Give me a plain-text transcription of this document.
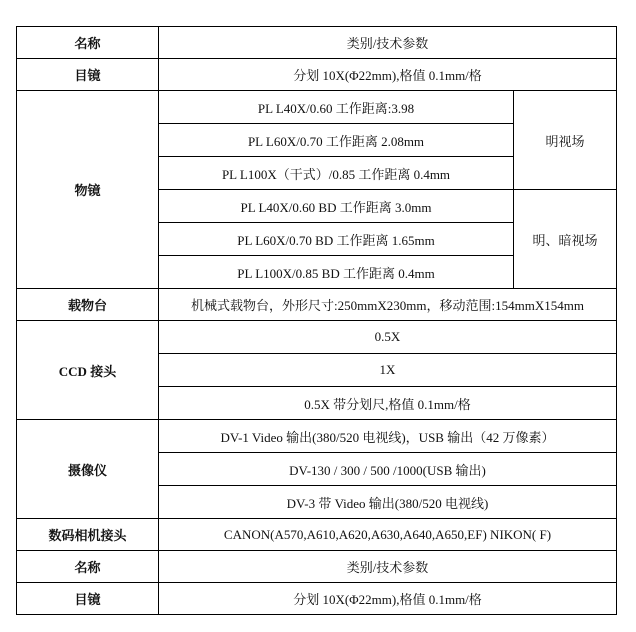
名称	类别/技术参数	
目镜	分划 10X(Φ22mm),格值 0.1mm/格	
物镜	PL L40X/0.60 工作距离:3.98	明视场
	PL L60X/0.70 工作距离 2.08mm	
	PL L100X（干式）/0.85 工作距离 0.4mm	
	PL L40X/0.60 BD 工作距离 3.0mm	明、暗视场
	PL L60X/0.70 BD 工作距离 1.65mm	
	PL L100X/0.85 BD 工作距离 0.4mm	
载物台	机械式载物台，外形尺寸:250mmX230mm，移动范围:154mmX154mm	
CCD 接头	0.5X	
	1X	
	0.5X 带分划尺,格值 0.1mm/格	
摄像仪	DV-1 Video 输出(380/520 电视线)，USB 输出（42 万像素）	
	DV-130 / 300 / 500 /1000(USB 输出)	
	DV-3 带 Video 输出(380/520 电视线)	
数码相机接头	CANON(A570,A610,A620,A630,A640,A650,EF) NIKON( F)	
名称	类别/技术参数	
目镜	分划 10X(Φ22mm),格值 0.1mm/格	
